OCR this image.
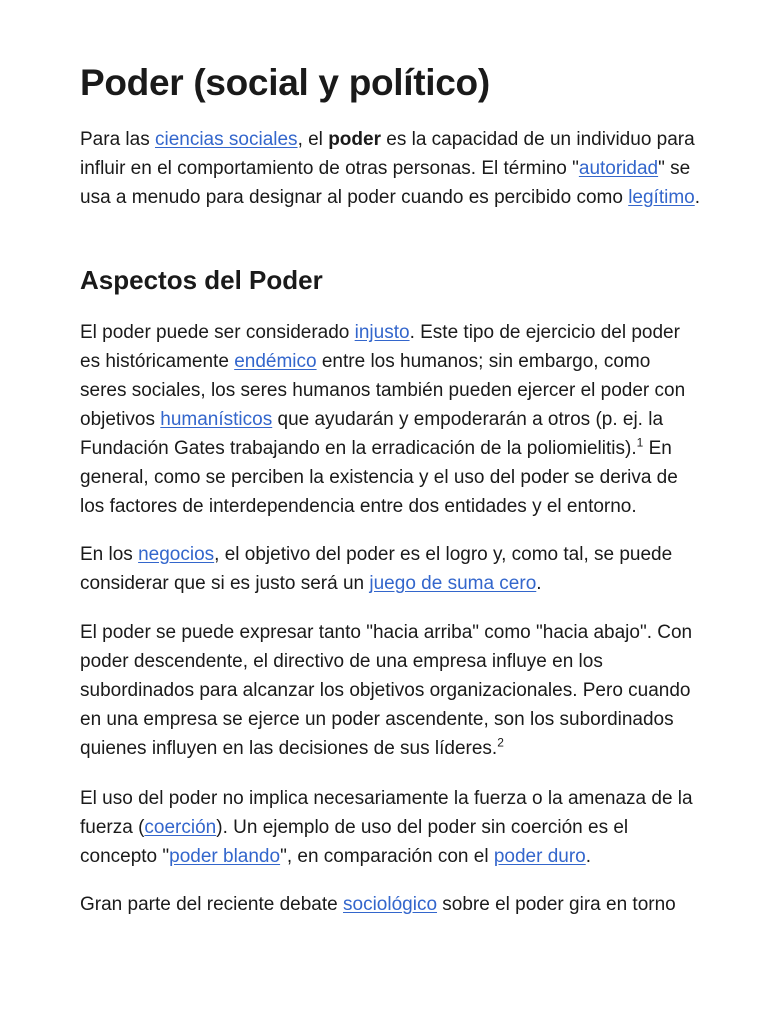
Poder (social y político)

Para las ciencias sociales, el poder es la capacidad de un individuo para influir en el comportamiento de otras personas. El término "autoridad" se usa a menudo para designar al poder cuando es percibido como legítimo.

Aspectos del Poder

El poder puede ser considerado injusto. Este tipo de ejercicio del poder es históricamente endémico entre los humanos; sin embargo, como seres sociales, los seres humanos también pueden ejercer el poder con objetivos humanísticos que ayudarán y empoderarán a otros (p. ej. la Fundación Gates trabajando en la erradicación de la poliomielitis).$^1$ En general, como se perciben la existencia y el uso del poder se deriva de los factores de interdependencia entre dos entidades y el entorno.

En los negocios, el objetivo del poder es el logro y, como tal, se puede considerar que si es justo será un juego de suma cero.

El poder se puede expresar tanto "hacia arriba" como "hacia abajo". Con poder descendente, el directivo de una empresa influye en los subordinados para alcanzar los objetivos organizacionales. Pero cuando en una empresa se ejerce un poder ascendente, son los subordinados quienes influyen en las decisiones de sus líderes.$^2$

El uso del poder no implica necesariamente la fuerza o la amenaza de la fuerza (coerción). Un ejemplo de uso del poder sin coerción es el concepto "poder blando", en comparación con el poder duro.

Gran parte del reciente debate sociológico sobre el poder gira en torno
